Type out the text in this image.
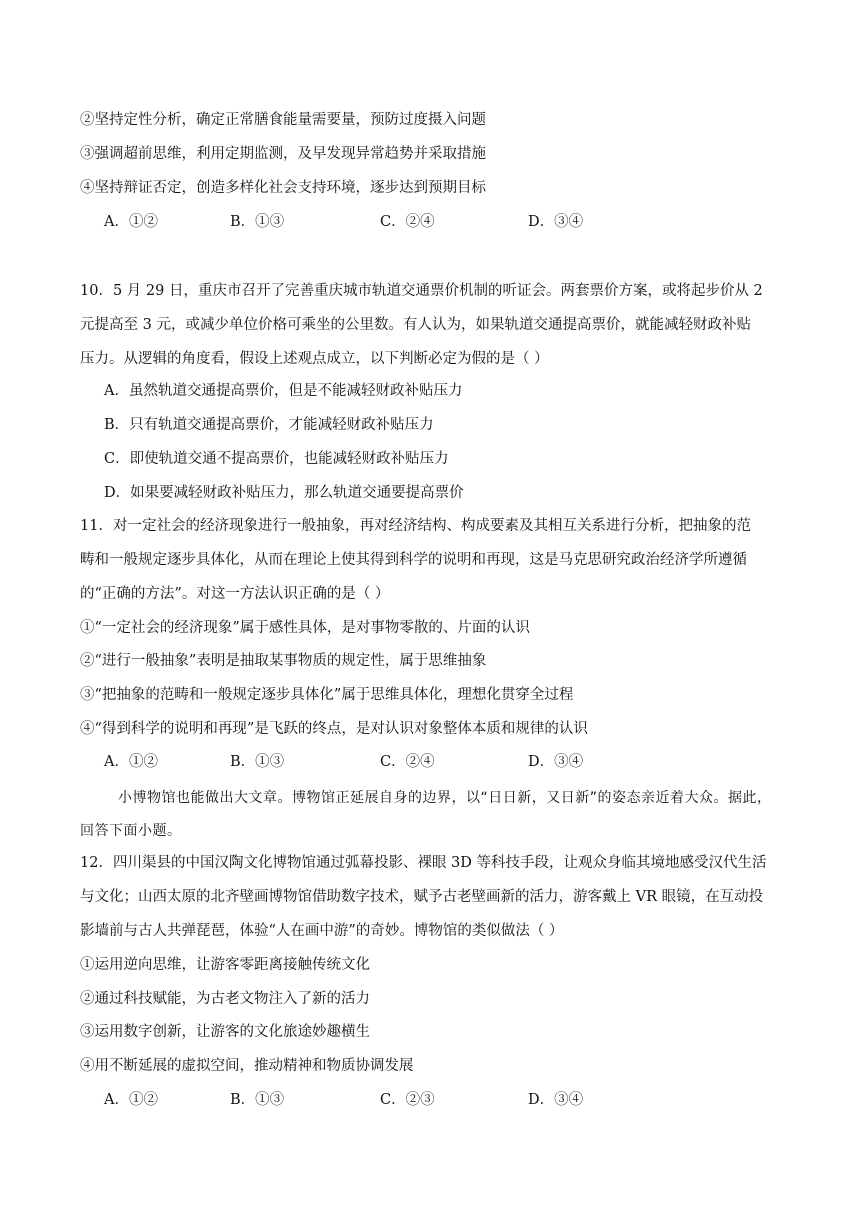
②坚持定性分析，确定正常膳食能量需要量，预防过度摄入问题
③强调超前思维，利用定期监测，及早发现异常趋势并采取措施
④坚持辩证否定，创造多样化社会支持环境，逐步达到预期目标
A．①②	B．①③	C．②④	D．③④
10．5 月 29 日，重庆市召开了完善重庆城市轨道交通票价机制的听证会。两套票价方案，或将起步价从 2
元提高至 3 元，或减少单位价格可乘坐的公里数。有人认为，如果轨道交通提高票价，就能减轻财政补贴
压力。从逻辑的角度看，假设上述观点成立，以下判断必定为假的是（ ）
A．虽然轨道交通提高票价，但是不能减轻财政补贴压力
B．只有轨道交通提高票价，才能减轻财政补贴压力
C．即使轨道交通不提高票价，也能减轻财政补贴压力
D．如果要减轻财政补贴压力，那么轨道交通要提高票价
11．对一定社会的经济现象进行一般抽象，再对经济结构、构成要素及其相互关系进行分析，把抽象的范
畴和一般规定逐步具体化，从而在理论上使其得到科学的说明和再现，这是马克思研究政治经济学所遵循
的“正确的方法”。对这一方法认识正确的是（ ）
①“一定社会的经济现象”属于感性具体，是对事物零散的、片面的认识
②“进行一般抽象”表明是抽取某事物质的规定性，属于思维抽象
③“把抽象的范畴和一般规定逐步具体化”属于思维具体化，理想化贯穿全过程
④“得到科学的说明和再现”是飞跃的终点，是对认识对象整体本质和规律的认识
A．①②	B．①③	C．②④	D．③④
小博物馆也能做出大文章。博物馆正延展自身的边界，以“日日新，又日新”的姿态亲近着大众。据此，回答下面小题。
12．四川渠县的中国汉陶文化博物馆通过弧幕投影、裸眼 3D 等科技手段，让观众身临其境地感受汉代生活
与文化；山西太原的北齐壁画博物馆借助数字技术，赋予古老壁画新的活力，游客戴上 VR 眼镜，在互动投
影墙前与古人共弹琵琶，体验“人在画中游”的奇妙。博物馆的类似做法（ ）
①运用逆向思维，让游客零距离接触传统文化
②通过科技赋能，为古老文物注入了新的活力
③运用数字创新，让游客的文化旅途妙趣横生
④用不断延展的虚拟空间，推动精神和物质协调发展
A．①②	B．①③	C．②③	D．③④
